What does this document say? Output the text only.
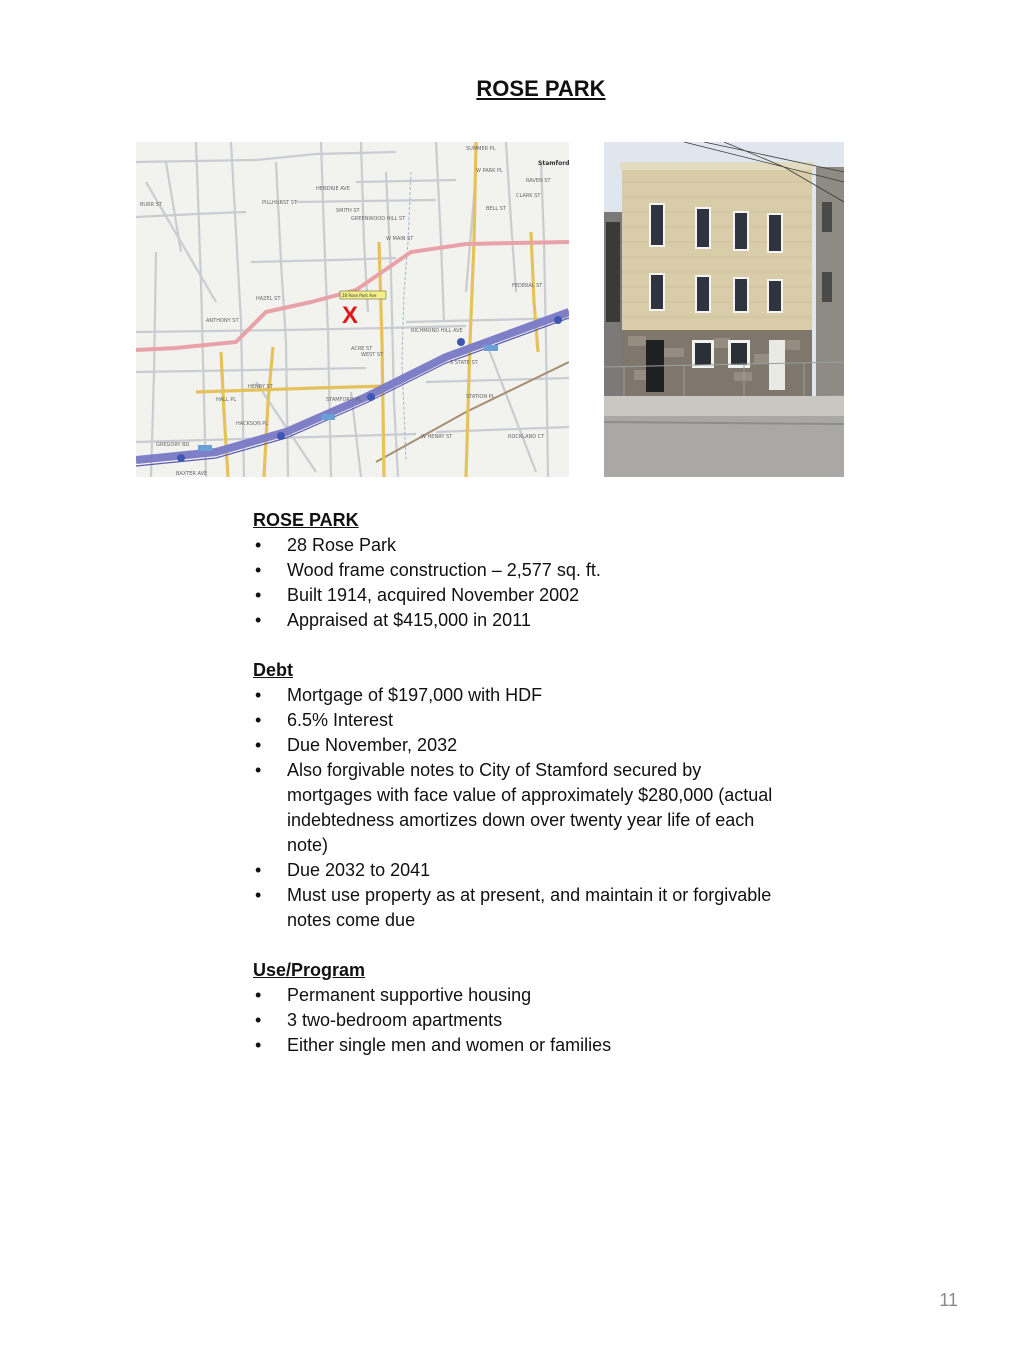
ROSE PARK
Stamford
SUMMER PL
W PARK PL
RAVEN ST
CLARK ST
BELL ST
BURR ST	PILLHURST ST
HENDRIE AVE
SMITH ST
GREENWOOD HILL ST
W MAIN ST
FEDERAL ST
HAZEL ST
ANTHONY ST
RICHMOND HILL AVE
WEST ST
HENRY ST
HALL PL
HACKSON PL
STAMFORD PL
S STATE ST
STATION PL
W HENRY ST	ROCKLAND CT
GREGORY BD
BAXTER AVE
ACRE ST
28 Rose Park Ave
X
ROSE PARK
• 28 Rose Park
• Wood frame construction – 2,577 sq. ft.
• Built 1914, acquired November 2002
• Appraised at $415,000 in 2011
Debt
• Mortgage of $197,000 with HDF
• 6.5% Interest
• Due November, 2032
• Also forgivable notes to City of Stamford secured by mortgages with face value of approximately $280,000 (actual indebtedness amortizes down over twenty year life of each note)
• Due 2032 to 2041
• Must use property as at present, and maintain it or forgivable notes come due
Use/Program
• Permanent supportive housing
• 3 two-bedroom apartments
• Either single men and women or families
11
